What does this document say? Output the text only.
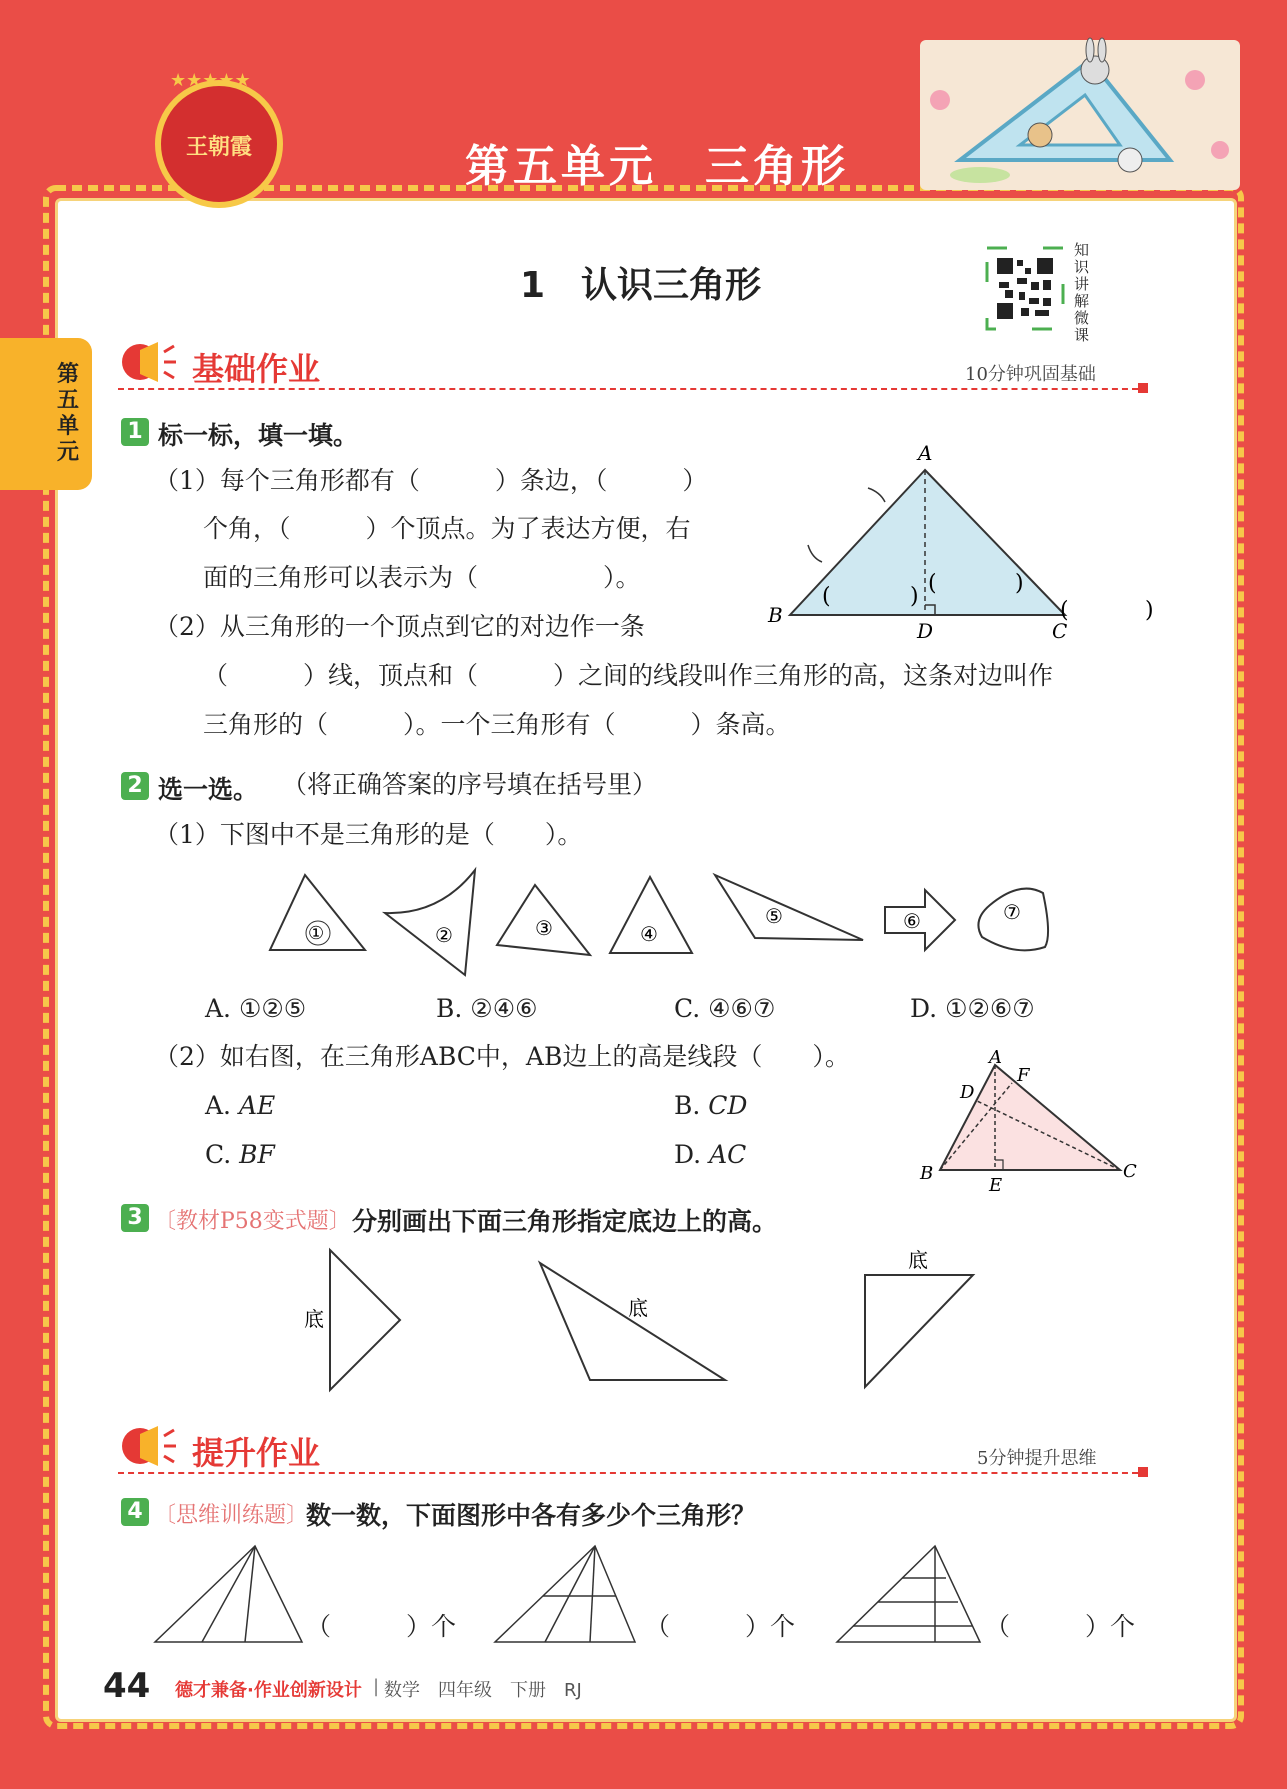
王朝霞
★★★★★
第五单元　三角形
1　认识三角形
知
识
讲
解
微
课
第五单元
基础作业	10分钟巩固基础
1 标一标，填一填。
（1）每个三角形都有（　　　）条边，（　　　）
个角，（　　　）个顶点。为了表达方便，右
面的三角形可以表示为（　　　　　）。
（2）从三角形的一个顶点到它的对边作一条
（　　　）线，顶点和（　　　）之间的线段叫作三角形的高，这条对边叫作
三角形的（　　　）。一个三角形有（　　　）条高。
A
B
C
D
(	)
(	)
(	)
2 选一选。 （将正确答案的序号填在括号里）
（1）下图中不是三角形的是（　　）。
①	②	③	④
⑤	⑥	⑦
A. ①②⑤	B. ②④⑥	C. ④⑥⑦	D. ①②⑥⑦
（2）如右图，在三角形ABC中，AB边上的高是线段（　　）。
A. AE	B. CD
C. BF	D. AC
A
B	C
D
E
F
3 〔教材P58变式题〕 分别画出下面三角形指定底边上的高。
底	底
底
提升作业	5分钟提升思维
4 〔思维训练题〕
数一数，下面图形中各有多少个三角形？
（　　　）个	（　　　）个	（　　　）个
44 德才兼备·作业创新设计 | 数学　四年级　下册　RJ
